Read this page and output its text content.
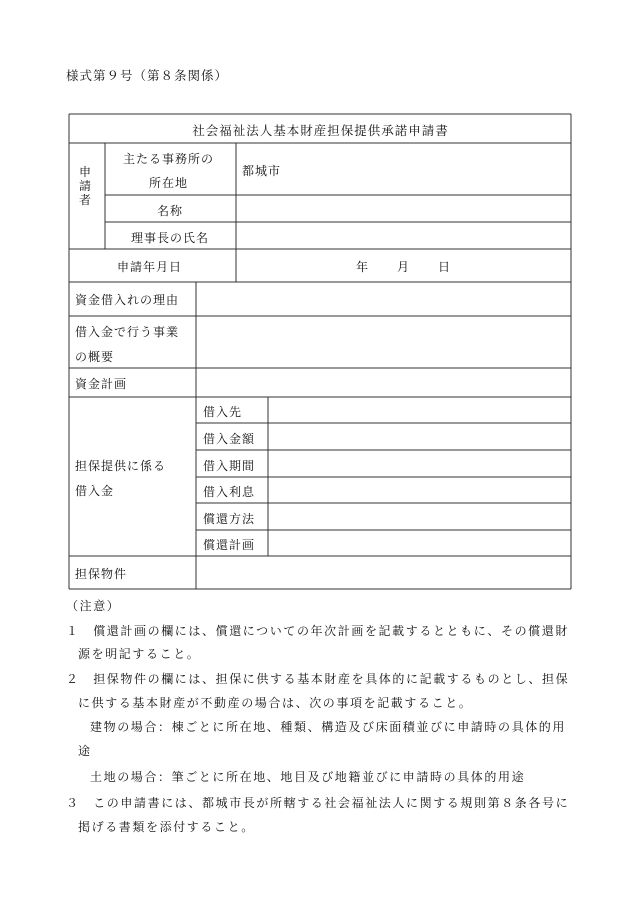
様式第９号（第８条関係）
社会福祉法人基本財産担保提供承諾申請書
申
請
者
主たる事務所の
所在地
都城市
名称
理事長の氏名
申請年月日	年 月 日
資金借入れの理由
借入金で行う事業
の概要
資金計画
担保提供に係る
借入金
借入先
借入金額
借入期間
借入利息
償還方法
償還計画
担保物件
（注意）
１　償還計画の欄には、償還についての年次計画を記載するとともに、その償還財
源を明記すること。
２　担保物件の欄には、担保に供する基本財産を具体的に記載するものとし、担保
に供する基本財産が不動産の場合は、次の事項を記載すること。
建物の場合：棟ごとに所在地、種類、構造及び床面積並びに申請時の具体的用
途
土地の場合：筆ごとに所在地、地目及び地籍並びに申請時の具体的用途
３　この申請書には、都城市長が所轄する社会福祉法人に関する規則第８条各号に
掲げる書類を添付すること。
